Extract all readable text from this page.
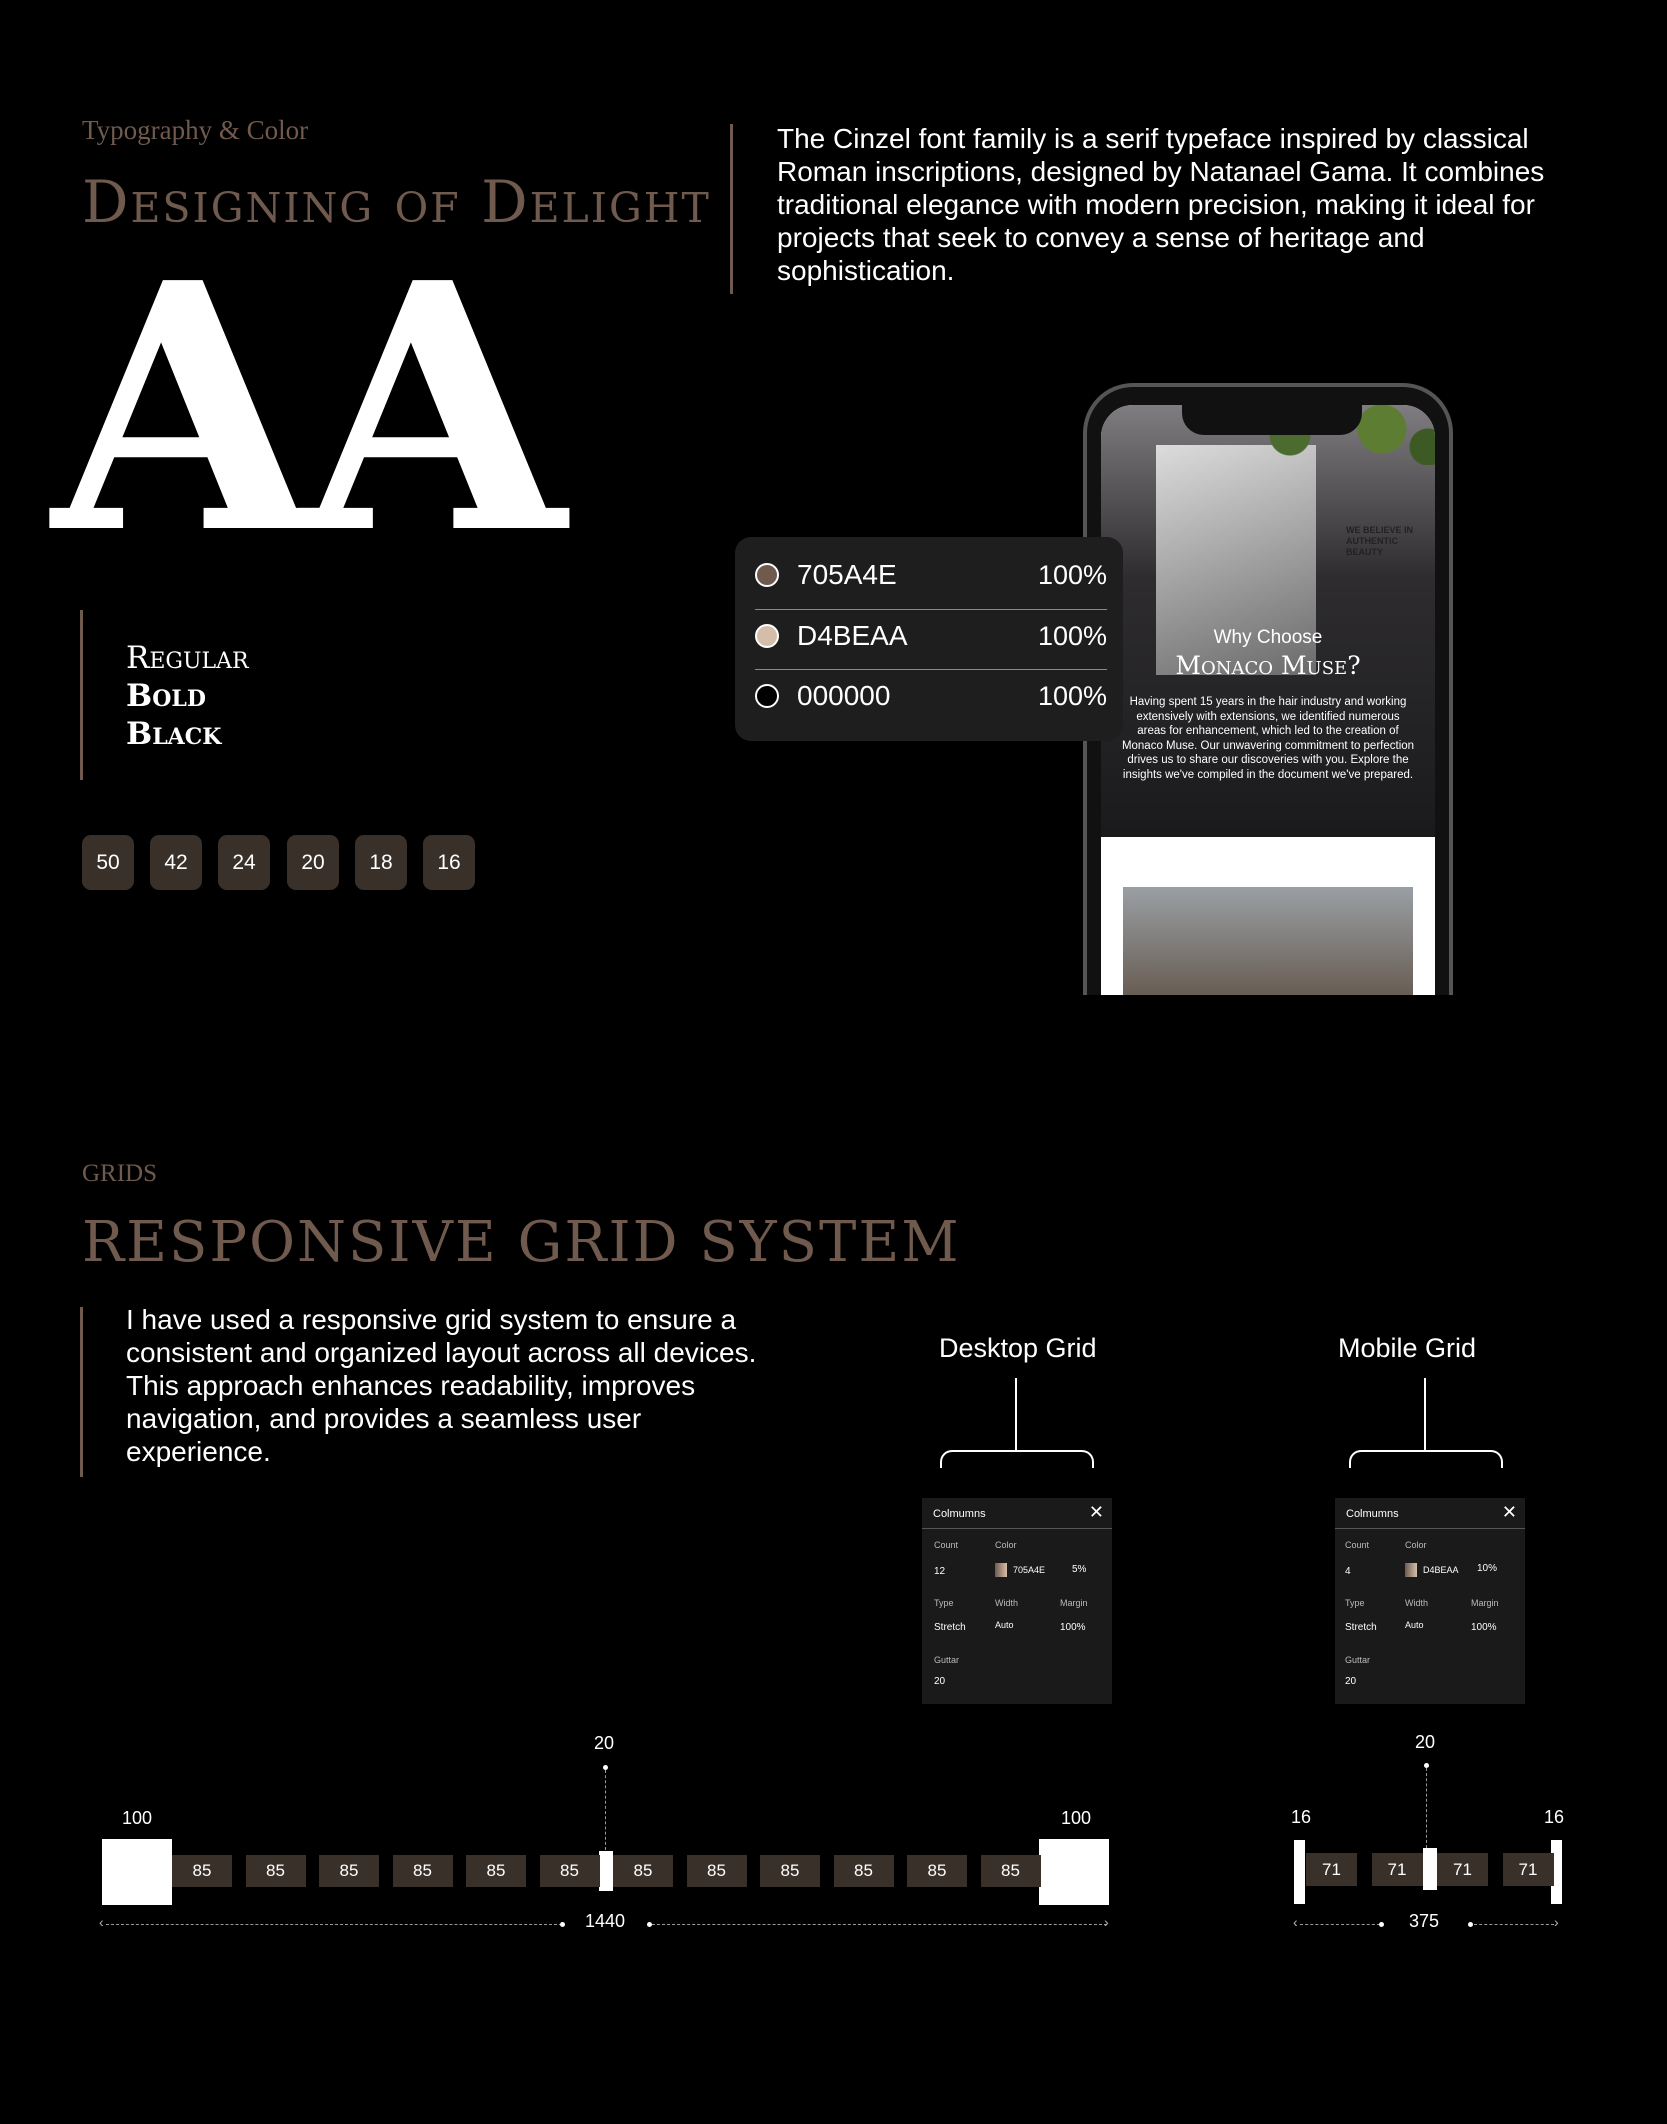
Typography & Color
Designing of Delight
The Cinzel font family is a serif typeface inspired by classical Roman inscriptions, designed by Natanael Gama. It combines traditional elegance with modern precision, making it ideal for projects that seek to convey a sense of heritage and sophistication.
AA
Regular
Bold
Black
50	42	24	20	18	16
WE BELIEVE IN AUTHENTIC BEAUTY
Why Choose
Monaco Muse?
Having spent 15 years in the hair industry and working extensively with extensions, we identified numerous areas for enhancement, which led to the creation of Monaco Muse. Our unwavering commitment to perfection drives us to share our discoveries with you. Explore the insights we've compiled in the document we've prepared.
705A4E	100%
D4BEAA	100%
000000	100%
GRIDS
RESPONSIVE GRID SYSTEM
I have used a responsive grid system to ensure a consistent and organized layout across all devices. This approach enhances readability, improves navigation, and provides a seamless user experience.
Desktop Grid
Colmumns	✕
Count
12
Color
705A4E	5%
Type
Stretch
Width
Auto
Margin
100%
Guttar
20
Mobile Grid
Colmumns	✕
Count
4
Color
D4BEAA 10%
Type
Stretch
Width
Auto
Margin
100%
Guttar
20
100	100
20
85	85	85	85	85	85	85	85	85	85	85	85
‹	1440	›
16	16
20
71	71	71	71
‹	375	›
